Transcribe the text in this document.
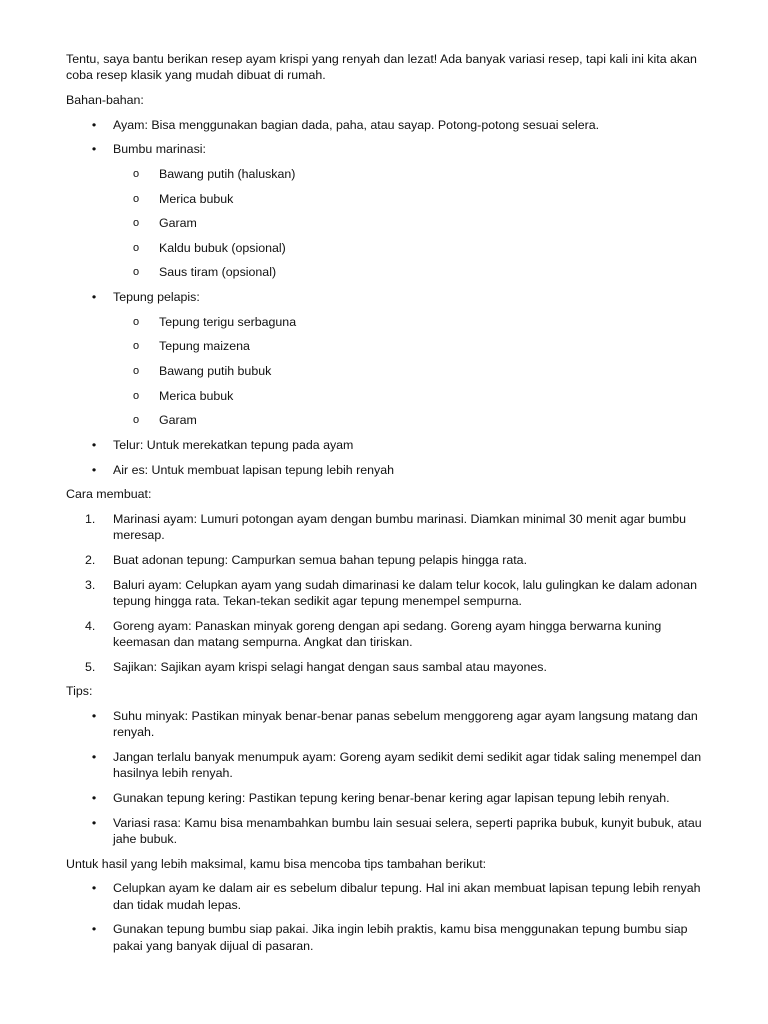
Tentu, saya bantu berikan resep ayam krispi yang renyah dan lezat! Ada banyak variasi resep, tapi kali ini kita akan coba resep klasik yang mudah dibuat di rumah.

Bahan-bahan:

•	Ayam: Bisa menggunakan bagian dada, paha, atau sayap. Potong-potong sesuai selera.
•	Bumbu marinasi:
o Bawang putih (haluskan)
o Merica bubuk
o Garam
o Kaldu bubuk (opsional)
o Saus tiram (opsional)
•	Tepung pelapis:
o Tepung terigu serbaguna
o Tepung maizena
o Bawang putih bubuk
o Merica bubuk
o Garam
•	Telur: Untuk merekatkan tepung pada ayam
•	Air es: Untuk membuat lapisan tepung lebih renyah

Cara membuat:

1.	Marinasi ayam: Lumuri potongan ayam dengan bumbu marinasi. Diamkan minimal 30 menit agar bumbu meresap.
2.	Buat adonan tepung: Campurkan semua bahan tepung pelapis hingga rata.
3.	Baluri ayam: Celupkan ayam yang sudah dimarinasi ke dalam telur kocok, lalu gulingkan ke dalam adonan tepung hingga rata. Tekan-tekan sedikit agar tepung menempel sempurna.
4.	Goreng ayam: Panaskan minyak goreng dengan api sedang. Goreng ayam hingga berwarna kuning keemasan dan matang sempurna. Angkat dan tiriskan.
5.	Sajikan: Sajikan ayam krispi selagi hangat dengan saus sambal atau mayones.

Tips:

•	Suhu minyak: Pastikan minyak benar-benar panas sebelum menggoreng agar ayam langsung matang dan renyah.
•	Jangan terlalu banyak menumpuk ayam: Goreng ayam sedikit demi sedikit agar tidak saling menempel dan hasilnya lebih renyah.
•	Gunakan tepung kering: Pastikan tepung kering benar-benar kering agar lapisan tepung lebih renyah.
•	Variasi rasa: Kamu bisa menambahkan bumbu lain sesuai selera, seperti paprika bubuk, kunyit bubuk, atau jahe bubuk.

Untuk hasil yang lebih maksimal, kamu bisa mencoba tips tambahan berikut:

•	Celupkan ayam ke dalam air es sebelum dibalur tepung. Hal ini akan membuat lapisan tepung lebih renyah dan tidak mudah lepas.
•	Gunakan tepung bumbu siap pakai. Jika ingin lebih praktis, kamu bisa menggunakan tepung bumbu siap pakai yang banyak dijual di pasaran.
